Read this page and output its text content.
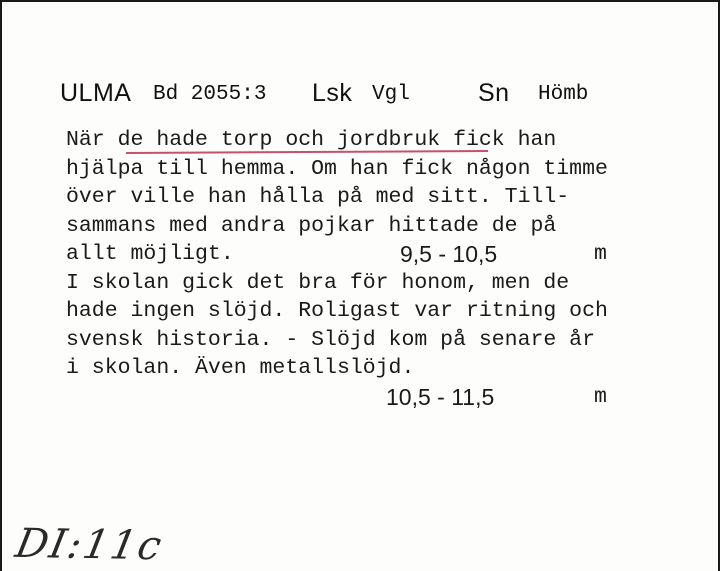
ULMA Bd 2055:3 Lsk Vgl	Sn Hömb
När de hade torp och jordbruk fick han
hjälpa till hemma. Om han fick någon timme
över ville han hålla på med sitt. Till-
sammans med andra pojkar hittade de på
allt möjligt.	9,5 - 10,5	m
I skolan gick det bra för honom, men de
hade ingen slöjd. Roligast var ritning och
svensk historia. - Slöjd kom på senare år
i skolan. Även metallslöjd.
10,5 - 11,5	m
DI:11c
